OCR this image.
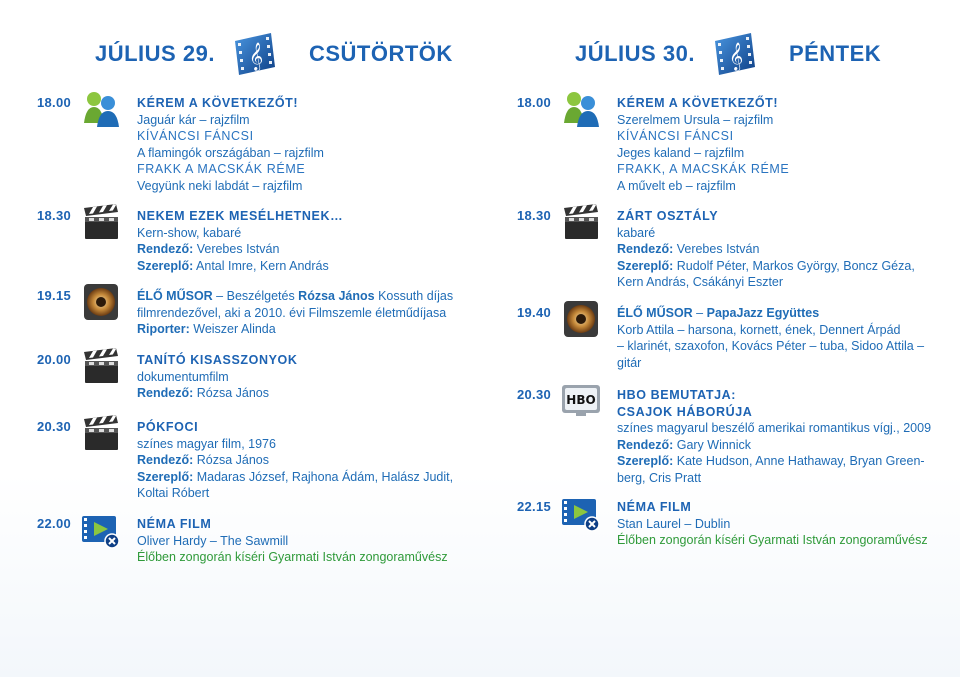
JÚLIUS 29. 𝄞 CSÜTÖRTÖK
18.00	KÉREM A KÖVETKEZŐT!
Jaguár kár – rajzfilm
KÍVÁNCSI FÁNCSI
A flamingók országában – rajzfilm
FRAKK A MACSKÁK RÉME
Vegyünk neki labdát – rajzfilm
18.30	NEKEM EZEK MESÉLHETNEK…
Kern-show, kabaré
Rendező: Verebes István
Szereplő: Antal Imre, Kern András
19.15	ÉLŐ MŰSOR – Beszélgetés Rózsa János Kossuth díjas
filmrendezővel, aki a 2010. évi Filmszemle életműdíjasa
Riporter: Weiszer Alinda
20.00	TANÍTÓ KISASSZONYOK
dokumentumfilm
Rendező: Rózsa János
20.30	PÓKFOCI
színes magyar film, 1976
Rendező: Rózsa János
Szereplő: Madaras József, Rajhona Ádám, Halász Judit,
Koltai Róbert
22.00	NÉMA FILM
Oliver Hardy – The Sawmill
Élőben zongorán kíséri Gyarmati István zongoraművész
JÚLIUS 30. 𝄞 PÉNTEK
18.00	KÉREM A KÖVETKEZŐT!
Szerelmem Ursula – rajzfilm
KÍVÁNCSI FÁNCSI
Jeges kaland – rajzfilm
FRAKK, A MACSKÁK RÉME
A művelt eb – rajzfilm
18.30	ZÁRT OSZTÁLY
kabaré
Rendező: Verebes István
Szereplő: Rudolf Péter, Markos György, Boncz Géza,
Kern András, Csákányi Eszter
19.40	ÉLŐ MŰSOR – PapaJazz Együttes
Korb Attila – harsona, kornett, ének, Dennert Árpád
– klarinét, szaxofon, Kovács Péter – tuba, Sidoo Attila –
gitár
20.30 HBO HBO BEMUTATJA:
CSAJOK HÁBORÚJA
színes magyarul beszélő amerikai romantikus vígj., 2009
Rendező: Gary Winnick
Szereplő: Kate Hudson, Anne Hathaway, Bryan Green-
berg, Cris Pratt
22.15	NÉMA FILM
Stan Laurel – Dublin
Élőben zongorán kíséri Gyarmati István zongoraművész
